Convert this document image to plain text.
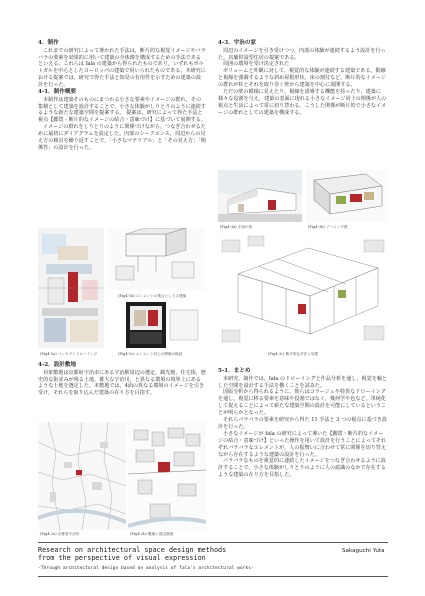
4．制作

これまでの研究によって導かれた手法は，断片的な視覚イメージやバラバラの要素を効果的に用いて建築の全体像を構成するための手法であるといえる。これらは fala の建築から得られたものであり，いずれもポルトガルを中心としたヨーロッパの建築で用いられたものである。本研究における提案では，研究で得た手法と知見の有用性を示すための建築の設計を行った。

4-1．制作概要

本制作は建築そのものにまつわる小さな要素やイメージの群れ，その集積として建築を設計することで，小さな体験がしりとりのように連続するような新たな建築空間を提案する。 提案は，研究によって得た手法と視点【鑑賞・断片的なイメージの結合・意味づけ】に基づいて展開する。

イメージの群れをしりとりのように関係づけながら，つなぎ合わせるために最初にダイアグラムを設定した。内部のシークエンス，周辺からの見え方の検討を繰り返すことで，「小さなマテリアル」と「その見え方」「関係性」の設計を行った。

(Fig4-1b) エレメントの集合としての建築
(Fig4-1a) コンセプトドローイング	(Fig4-1c) エレメント同士の関係の検討

4-2．設計敷地

対象敷地は京都府宇治市にある宇治駅周辺の選定，観光地，住宅街，歴史的な街並みが残る土地。雄大な宇治川，と異なる環境の境界上にあるような土地を選定した。本敷地では，4面の異なる環境のイメージを引き受け，それらを取り込んだ建築の在り方を目指す。

(Fig4-2a) 京都府宇治市	(Fig4-2b) 敷地と周辺環境

4-3．宇治の家

周辺のイメージを引き受けつつ，内部の体験が連続するよう設計を行った。店舗併設型住居の提案である。

周囲の環境を受け決定された

ボリュームと外観に対して，視覚的な体験が連続する建築である。動線と視線を強調するような斜め屋根形状，床の割付など，断片的なイメージの群れが柱とそれを取り巻く壁から建築を中心に展開する。

ただの壁の模様に見えたり，視線を誘導する機能を持ったり，建築に様々な役割を与え，建築の表面に現れる小さなイメージ同士の関係が人の視点と生活によって常に切り替わる。こうした関係が断片的で小さなイメージの群れとしての建築を構成する。

(Fig4-3a) 宇治の家	(Fig4-3b) ゾーニング図
(Fig4-3c) 断片的な手法と効果

5-1．まとめ

本研究，制作では，fala のドローイングと作品分析を通し，視覚を軸とした空間を設計する手法を構くことを試みた。

国版分析から得られるように，彼らはコラージュや特異なドローイングを通し，視覚に移る要素を意味や役割ではなく，幾何学や色など，単純化して捉えることによって新たな建築空間の設計を可能にしているということが明らかとなった。

それらバラバラの要素を研究から得た 11 手法と 3 つの視点に基づき設計を行った。

小さなイメージが fala の研究によって導いた【鑑賞・断片的なイメージの結合・意味づけ】といった操作を用いて設計を行うことによってそれぞれバラバラなエレメントが，人の振舞いに合わせて常に関係を切り替えながら存在するような建築の設計を行った。

バラバラなものを視覚的に連続したイメージをつなぎ合わせるように設計することで，小さな体験がしりとりのように人の認識のなかで存在するような建築の在り方を目指した。

Research on architectural space design methods
from the perspective of visual expression
Sakaguchi Yuta
-Through architectural design based on analysis of fala's architectural works-
